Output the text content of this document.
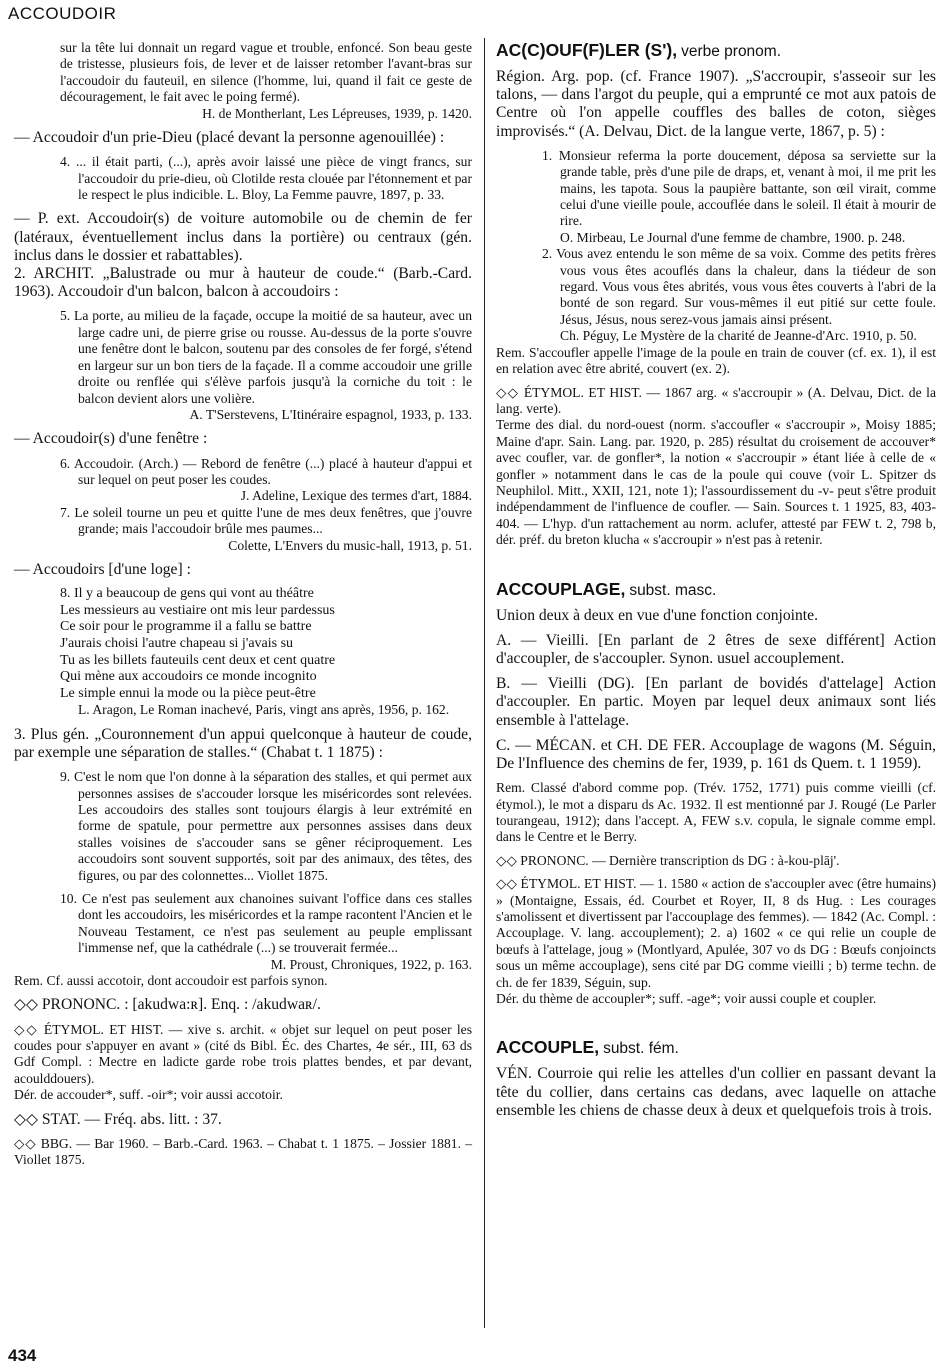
ACCOUDOIR

sur la tête lui donnait un regard vague et trouble, enfoncé. Son beau geste de tristesse, plusieurs fois, de lever et de laisser retomber l'avant-bras sur l'accoudoir du fauteuil, en silence (l'homme, lui, quand il fait ce geste de découragement, le fait avec le poing fermé).

H. de Montherlant, Les Lépreuses, 1939, p. 1420.

— Accoudoir d'un prie-Dieu (placé devant la personne agenouillée) :

4. ... il était parti, (...), après avoir laissé une pièce de vingt francs, sur l'accoudoir du prie-dieu, où Clotilde resta clouée par l'étonnement et par le respect le plus indicible. L. Bloy, La Femme pauvre, 1897, p. 33.

— P. ext. Accoudoir(s) de voiture automobile ou de chemin de fer (latéraux, éventuellement inclus dans la portière) ou centraux (gén. inclus dans le dossier et rabattables).

2. ARCHIT. „Balustrade ou mur à hauteur de coude.“ (Barb.-Card. 1963). Accoudoir d'un balcon, balcon à accoudoirs :

5. La porte, au milieu de la façade, occupe la moitié de sa hauteur, avec un large cadre uni, de pierre grise ou rousse. Au-dessus de la porte s'ouvre une fenêtre dont le balcon, soutenu par des consoles de fer forgé, s'étend en largeur sur un bon tiers de la façade. Il a comme accoudoir une grille droite ou renflée qui s'élève parfois jusqu'à la corniche du toit : le balcon devient alors une volière.

A. T'Serstevens, L'Itinéraire espagnol, 1933, p. 133.

— Accoudoir(s) d'une fenêtre :

6. Accoudoir. (Arch.) — Rebord de fenêtre (...) placé à hauteur d'appui et sur lequel on peut poser les coudes.

J. Adeline, Lexique des termes d'art, 1884.

7. Le soleil tourne un peu et quitte l'une de mes deux fenêtres, que j'ouvre grande; mais l'accoudoir brûle mes paumes...

Colette, L'Envers du music-hall, 1913, p. 51.

— Accoudoirs [d'une loge] :

8. Il y a beaucoup de gens qui vont au théâtre

Les messieurs au vestiaire ont mis leur pardessus

Ce soir pour le programme il a fallu se battre

J'aurais choisi l'autre chapeau si j'avais su

Tu as les billets fauteuils cent deux et cent quatre

Qui mène aux accoudoirs ce monde incognito

Le simple ennui la mode ou la pièce peut-être

L. Aragon, Le Roman inachevé, Paris, vingt ans après, 1956, p. 162.

3. Plus gén. „Couronnement d'un appui quelconque à hauteur de coude, par exemple une séparation de stalles.“ (Chabat t. 1 1875) :

9. C'est le nom que l'on donne à la séparation des stalles, et qui permet aux personnes assises de s'accouder lorsque les miséricordes sont relevées. Les accoudoirs des stalles sont toujours élargis à leur extrémité en forme de spatule, pour permettre aux personnes assises dans deux stalles voisines de s'accouder sans se gêner réciproquement. Les accoudoirs sont souvent supportés, soit par des animaux, des têtes, des figures, ou par des colonnettes... Viollet 1875.

10. Ce n'est pas seulement aux chanoines suivant l'office dans ces stalles dont les accoudoirs, les miséricordes et la rampe racontent l'Ancien et le Nouveau Testament, ce n'est pas seulement au peuple emplissant l'immense nef, que la cathédrale (...) se trouverait fermée...

M. Proust, Chroniques, 1922, p. 163.

Rem. Cf. aussi accotoir, dont accoudoir est parfois synon.

◇◇ PRONONC. : [akudwa:ʀ]. Enq. : /akudwaʀ/.

◇◇ ÉTYMOL. ET HIST. — xive s. archit. « objet sur lequel on peut poser les coudes pour s'appuyer en avant » (cité ds Bibl. Éc. des Chartes, 4e sér., III, 63 ds Gdf Compl. : Mectre en ladicte garde robe trois plattes bendes, et par devant, acoulddouers).

Dér. de accouder*, suff. -oir*; voir aussi accotoir.

◇◇ STAT. — Fréq. abs. litt. : 37.

◇◇ BBG. — Bar 1960. – Barb.-Card. 1963. – Chabat t. 1 1875. – Jossier 1881. – Viollet 1875.

AC(C)OUF(F)LER (S'), verbe pronom.

Région. Arg. pop. (cf. France 1907). „S'accroupir, s'asseoir sur les talons, — dans l'argot du peuple, qui a emprunté ce mot aux patois de Centre où l'on appelle couffles des balles de coton, sièges improvisés.“ (A. Delvau, Dict. de la langue verte, 1867, p. 5) :

1. Monsieur referma la porte doucement, déposa sa serviette sur la grande table, près d'une pile de draps, et, venant à moi, il me prit les mains, les tapota. Sous la paupière battante, son œil virait, comme celui d'une vieille poule, accouflée dans le soleil. Il était à mourir de rire.

O. Mirbeau, Le Journal d'une femme de chambre, 1900. p. 248.

2. Vous avez entendu le son même de sa voix. Comme des petits frères vous vous êtes acouflés dans la chaleur, dans la tiédeur de son regard. Vous vous êtes abrités, vous vous êtes couverts à l'abri de la bonté de son regard. Sur vous-mêmes il eut pitié sur cette foule. Jésus, Jésus, nous serez-vous jamais ainsi présent.

Ch. Péguy, Le Mystère de la charité de Jeanne-d'Arc. 1910, p. 50.

Rem. S'accoufler appelle l'image de la poule en train de couver (cf. ex. 1), il est en relation avec être abrité, couvert (ex. 2).

◇◇ ÉTYMOL. ET HIST. — 1867 arg. « s'accroupir » (A. Delvau, Dict. de la lang. verte).

Terme des dial. du nord-ouest (norm. s'accoufler « s'accroupir », Moisy 1885; Maine d'apr. Sain. Lang. par. 1920, p. 285) résultat du croisement de accouver* avec coufler, var. de gonfler*, la notion « s'accroupir » étant liée à celle de « gonfler » notamment dans le cas de la poule qui couve (voir L. Spitzer ds Neuphilol. Mitt., XXII, 121, note 1); l'assourdissement du -v- peut s'être produit indépendamment de l'influence de coufler. — Sain. Sources t. 1 1925, 83, 403-404. — L'hyp. d'un rattachement au norm. aclufer, attesté par FEW t. 2, 798 b, dér. préf. du breton klucha « s'accroupir » n'est pas à retenir.

ACCOUPLAGE, subst. masc.

Union deux à deux en vue d'une fonction conjointe.

A. — Vieilli. [En parlant de 2 êtres de sexe différent] Action d'accoupler, de s'accoupler. Synon. usuel accouplement.

B. — Vieilli (DG). [En parlant de bovidés d'attelage] Action d'accoupler. En partic. Moyen par lequel deux animaux sont liés ensemble à l'attelage.

C. — MÉCAN. et CH. DE FER. Accouplage de wagons (M. Séguin, De l'Influence des chemins de fer, 1939, p. 161 ds Quem. t. 1 1959).

Rem. Classé d'abord comme pop. (Trév. 1752, 1771) puis comme vieilli (cf. étymol.), le mot a disparu ds Ac. 1932. Il est mentionné par J. Rougé (Le Parler tourangeau, 1912); dans l'accept. A, FEW s.v. copula, le signale comme empl. dans le Centre et le Berry.

◇◇ PRONONC. — Dernière transcription ds DG : à-kou-plāj'.

◇◇ ÉTYMOL. ET HIST. — 1. 1580 « action de s'accoupler avec (être humains) » (Montaigne, Essais, éd. Courbet et Royer, II, 8 ds Hug. : Les courages s'amolissent et divertissent par l'accouplage des femmes). — 1842 (Ac. Compl. : Accouplage. V. lang. accouplement); 2. a) 1602 « ce qui relie un couple de bœufs à l'attelage, joug » (Montlyard, Apulée, 307 vo ds DG : Bœufs conjoincts sous un même accouplage), sens cité par DG comme vieilli ; b) terme techn. de ch. de fer 1839, Séguin, sup.

Dér. du thème de accoupler*; suff. -age*; voir aussi couple et coupler.

ACCOUPLE, subst. fém.

VÉN. Courroie qui relie les attelles d'un collier en passant devant la tête du collier, dans certains cas dedans, avec laquelle on attache ensemble les chiens de chasse deux à deux et quelquefois trois à trois.

434
